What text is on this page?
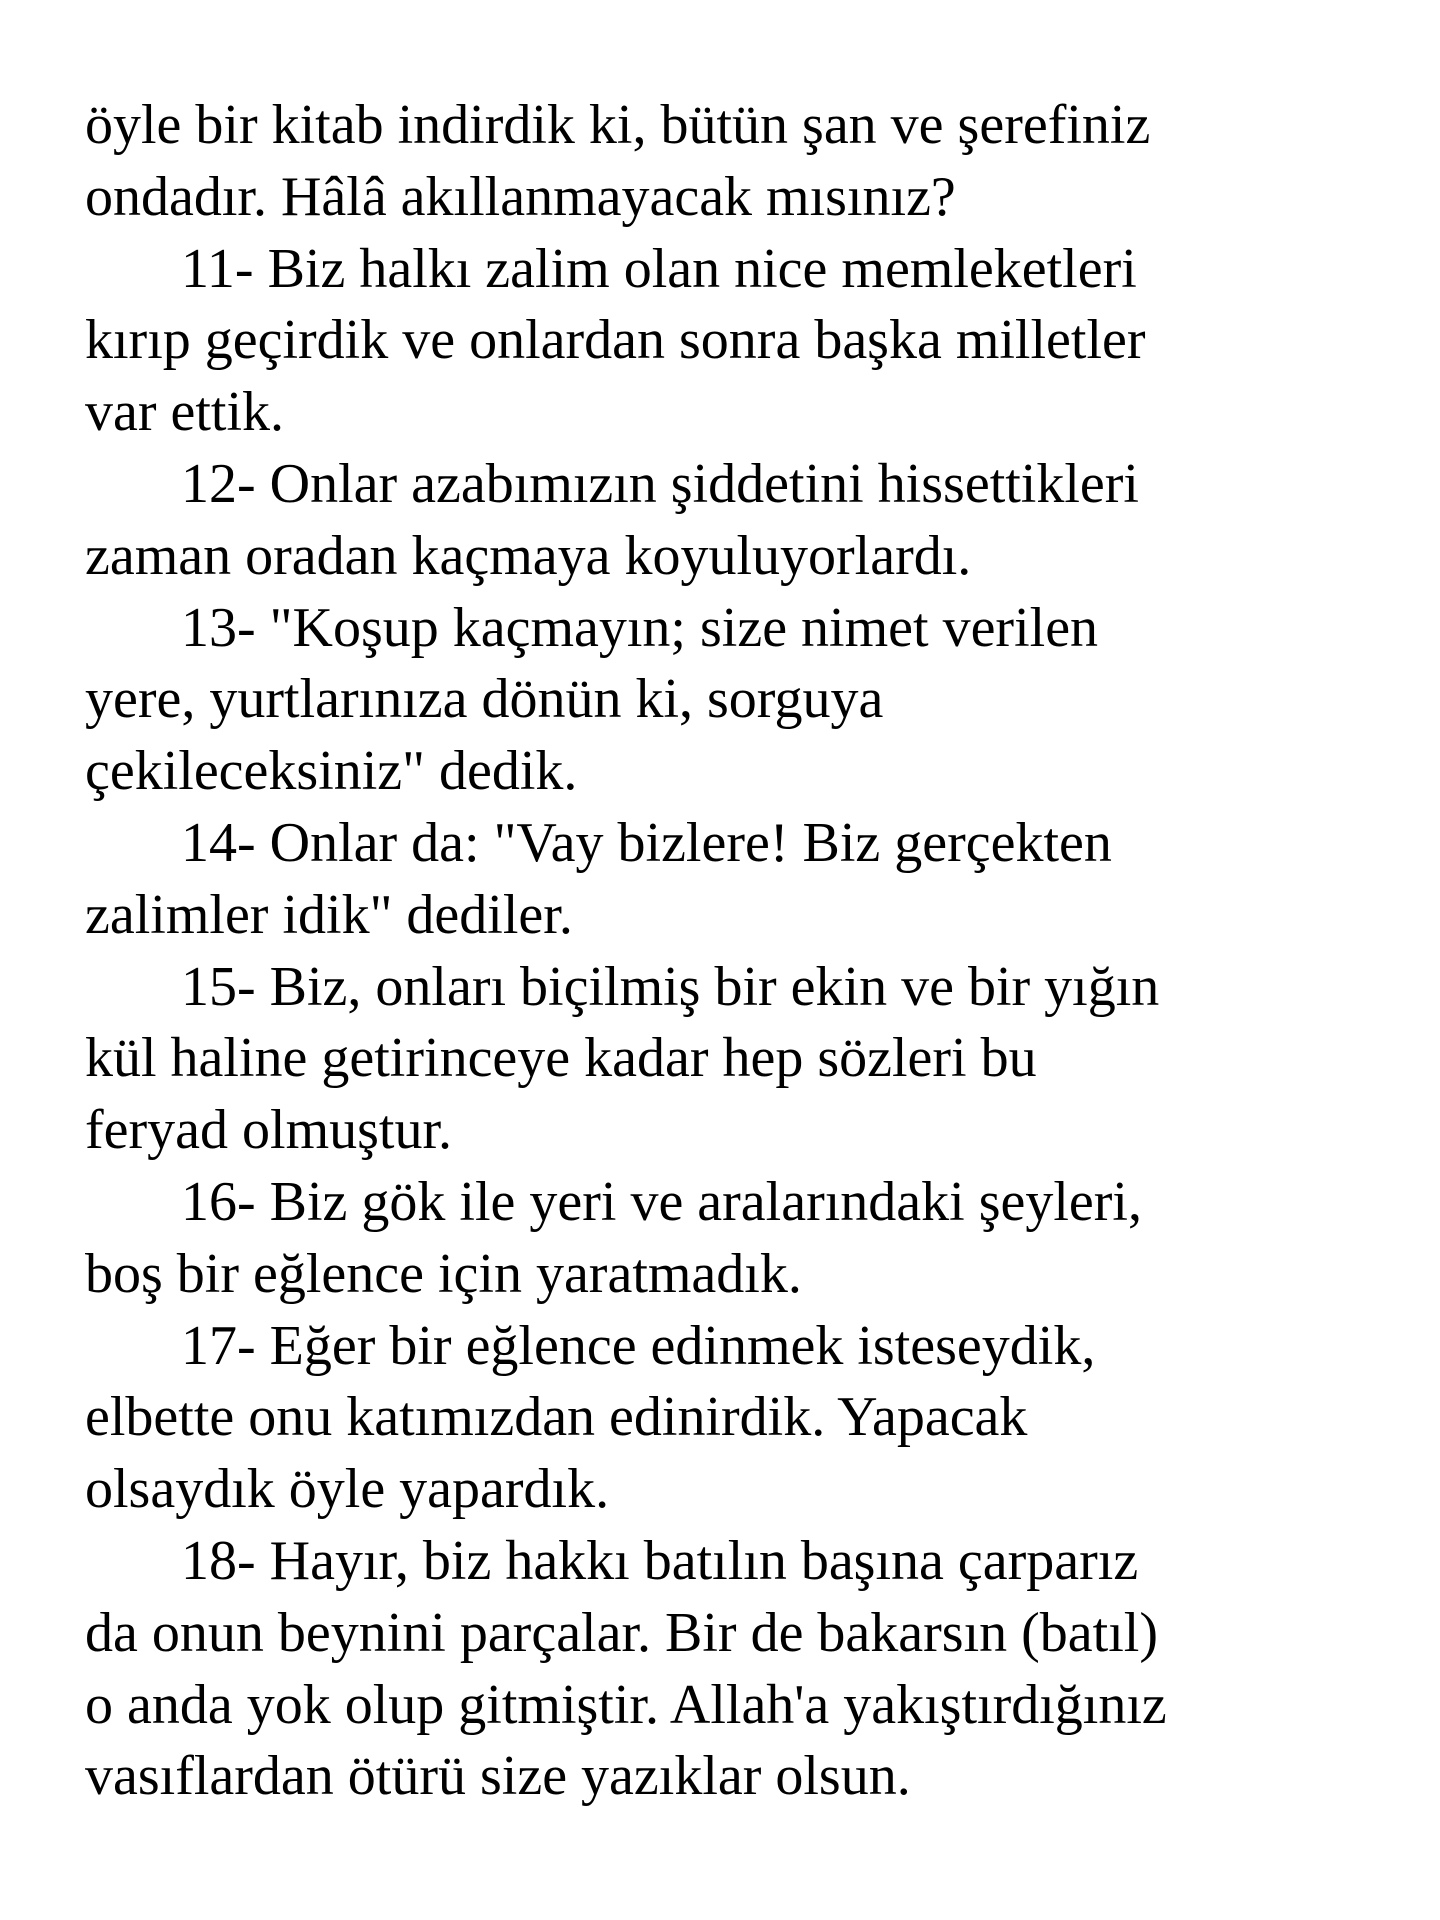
öyle bir kitab indirdik ki, bütün şan ve şerefiniz
ondadır. Hâlâ akıllanmayacak mısınız?
11- Biz halkı zalim olan nice memleketleri
kırıp geçirdik ve onlardan sonra başka milletler
var ettik.
12- Onlar azabımızın şiddetini hissettikleri
zaman oradan kaçmaya koyuluyorlardı.
13- "Koşup kaçmayın; size nimet verilen
yere, yurtlarınıza dönün ki, sorguya
çekileceksiniz" dedik.
14- Onlar da: "Vay bizlere! Biz gerçekten
zalimler idik" dediler.
15- Biz, onları biçilmiş bir ekin ve bir yığın
kül haline getirinceye kadar hep sözleri bu
feryad olmuştur.
16- Biz gök ile yeri ve aralarındaki şeyleri,
boş bir eğlence için yaratmadık.
17- Eğer bir eğlence edinmek isteseydik,
elbette onu katımızdan edinirdik. Yapacak
olsaydık öyle yapardık.
18- Hayır, biz hakkı batılın başına çarparız
da onun beynini parçalar. Bir de bakarsın (batıl)
o anda yok olup gitmiştir. Allah'a yakıştırdığınız
vasıflardan ötürü size yazıklar olsun.
